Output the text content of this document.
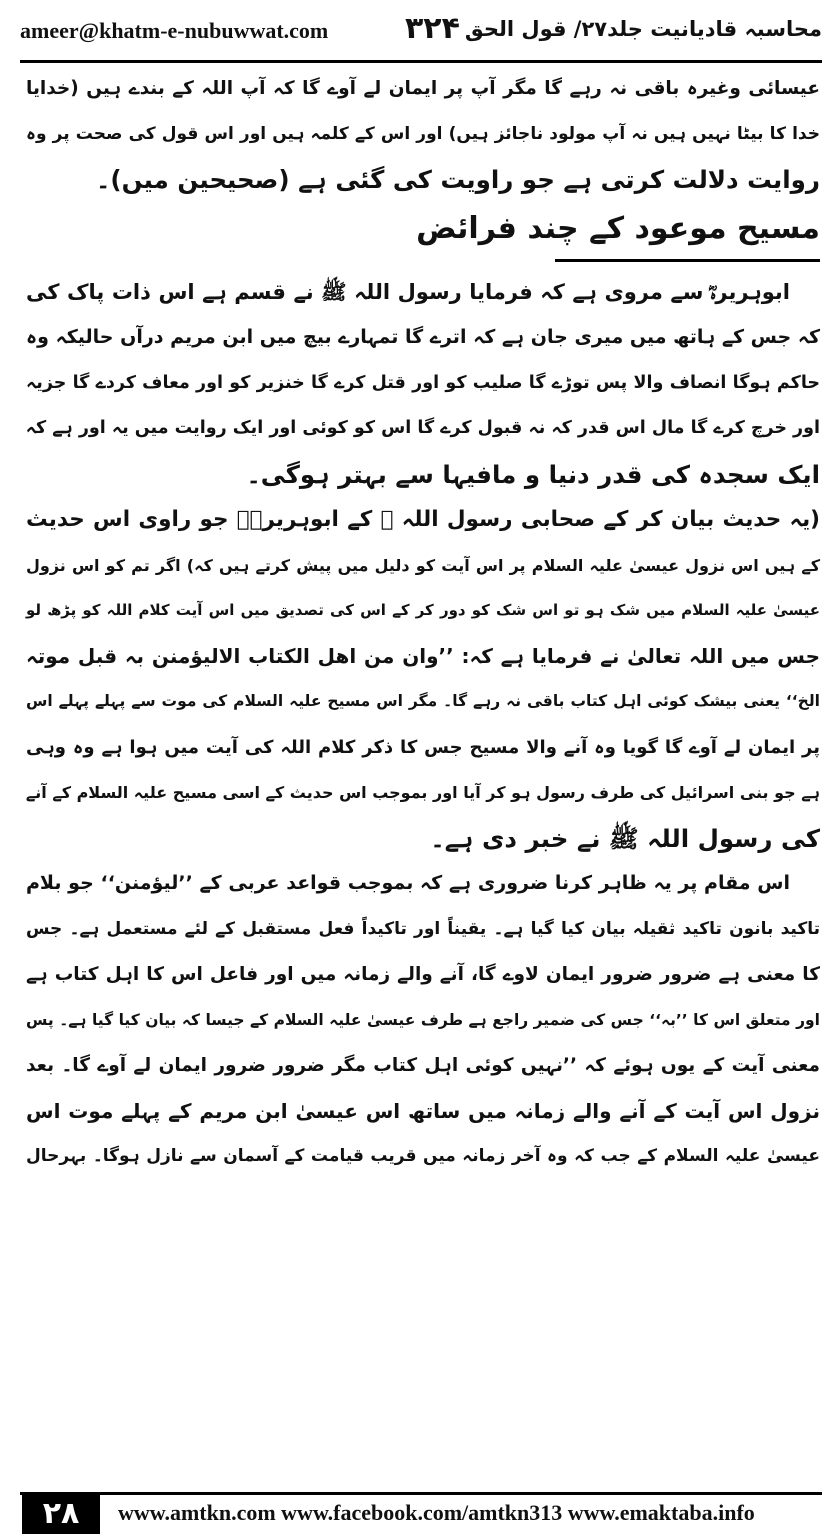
ameer@khatm-e-nubuwwat.com	۳۲۴ محاسبہ قادیانیت جلد۲۷/ قول الحق

عیسائی وغیرہ باقی نہ رہے گا مگر آپ پر ایمان لے آوے گا کہ آپ اللہ کے بندے ہیں (خدایا
خدا کا بیٹا نہیں ہیں نہ آپ مولود ناجائز ہیں) اور اس کے کلمہ ہیں اور اس قول کی صحت پر وہ
روایت دلالت کرتی ہے جو راویت کی گئی ہے (صحیحین میں)۔

مسیح موعود کے چند فرائض

ابوہریرہؓ سے مروی ہے کہ فرمایا رسول اللہ ﷺ نے قسم ہے اس ذات پاک کی
کہ جس کے ہاتھ میں میری جان ہے کہ اترے گا تمہارے بیچ میں ابن مریم درآں حالیکہ وہ
حاکم ہوگا انصاف والا پس توڑے گا صلیب کو اور قتل کرے گا خنزیر کو اور معاف کردے گا جزیہ
اور خرچ کرے گا مال اس قدر کہ نہ قبول کرے گا اس کو کوئی اور ایک روایت میں یہ اور ہے کہ
ایک سجدہ کی قدر دنیا و مافیہا سے بہتر ہوگی۔

(یہ حدیث بیان کر کے صحابی رسول اللہ ﷺ کے ابوہریرہؓ جو راوی اس حدیث
کے ہیں اس نزول عیسیٰ علیہ السلام پر اس آیت کو دلیل میں پیش کرتے ہیں کہ) اگر تم کو اس نزول
عیسیٰ علیہ السلام میں شک ہو تو اس شک کو دور کر کے اس کی تصدیق میں اس آیت کلام اللہ کو پڑھ لو
جس میں اللہ تعالیٰ نے فرمایا ہے کہ: ’’وان من اھل الکتاب الالیؤمنن بہ قبل موتہ
الخ‘‘ یعنی بیشک کوئی اہل کتاب باقی نہ رہے گا۔ مگر اس مسیح علیہ السلام کی موت سے پہلے پہلے اس
پر ایمان لے آوے گا گویا وہ آنے والا مسیح جس کا ذکر کلام اللہ کی آیت میں ہوا ہے وہ وہی
ہے جو بنی اسرائیل کی طرف رسول ہو کر آیا اور بموجب اس حدیث کے اسی مسیح علیہ السلام کے آنے
کی رسول اللہ ﷺ نے خبر دی ہے۔

اس مقام پر یہ ظاہر کرنا ضروری ہے کہ بموجب قواعد عربی کے ’’لیؤمنن‘‘ جو بلام
تاکید بانون تاکید ثقیلہ بیان کیا گیا ہے۔ یقیناً اور تاکیداً فعل مستقبل کے لئے مستعمل ہے۔ جس
کا معنی ہے ضرور ضرور ایمان لاوے گا، آنے والے زمانہ میں اور فاعل اس کا اہل کتاب ہے
اور متعلق اس کا ’’بہ‘‘ جس کی ضمیر راجع ہے طرف عیسیٰ علیہ السلام کے جیسا کہ بیان کیا گیا ہے۔ پس
معنی آیت کے یوں ہوئے کہ ’’نہیں کوئی اہل کتاب مگر ضرور ضرور ایمان لے آوے گا۔ بعد
نزول اس آیت کے آنے والے زمانہ میں ساتھ اس عیسیٰ ابن مریم کے پہلے موت اس
عیسیٰ علیہ السلام کے جب کہ وہ آخر زمانہ میں قریب قیامت کے آسمان سے نازل ہوگا۔ بہرحال

۲۸	www.amtkn.com www.facebook.com/amtkn313 www.emaktaba.info
